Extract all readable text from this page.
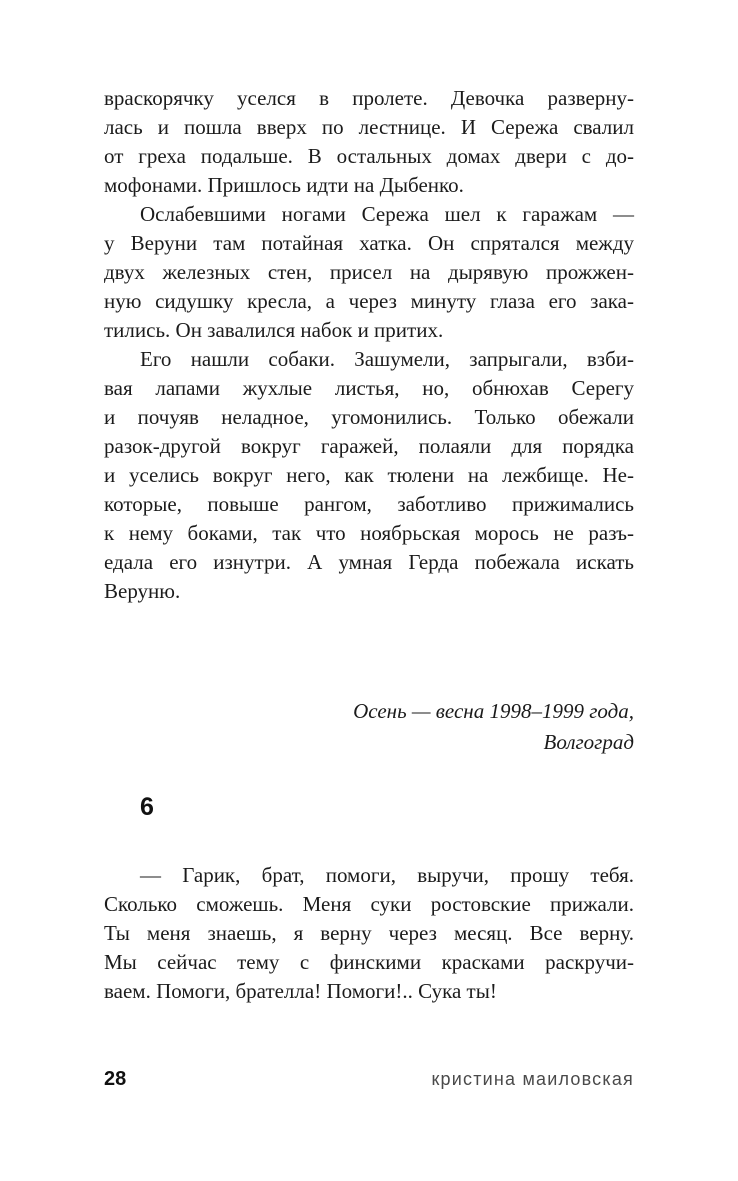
враскорячку уселся в пролете. Девочка разверну-
лась и пошла вверх по лестнице. И Сережа свалил
от греха подальше. В остальных домах двери с до-
мофонами. Пришлось идти на Дыбенко.
Ослабевшими ногами Сережа шел к гаражам —
у Веруни там потайная хатка. Он спрятался между
двух железных стен, присел на дырявую прожжен-
ную сидушку кресла, а через минуту глаза его зака-
тились. Он завалился набок и притих.
Его нашли собаки. Зашумели, запрыгали, взби-
вая лапами жухлые листья, но, обнюхав Серегу
и почуяв неладное, угомонились. Только обежали
разок-другой вокруг гаражей, полаяли для порядка
и уселись вокруг него, как тюлени на лежбище. Не-
которые, повыше рангом, заботливо прижимались
к нему боками, так что ноябрьская морось не разъ-
едала его изнутри. А умная Герда побежала искать
Веруню.
Осень — весна 1998–1999 года,
Волгоград
6
— Гарик, брат, помоги, выручи, прошу тебя.
Сколько сможешь. Меня суки ростовские прижали.
Ты меня знаешь, я верну через месяц. Все верну.
Мы сейчас тему с финскими красками раскручи-
ваем. Помоги, брателла! Помоги!.. Сука ты!
28	кристина маиловская
